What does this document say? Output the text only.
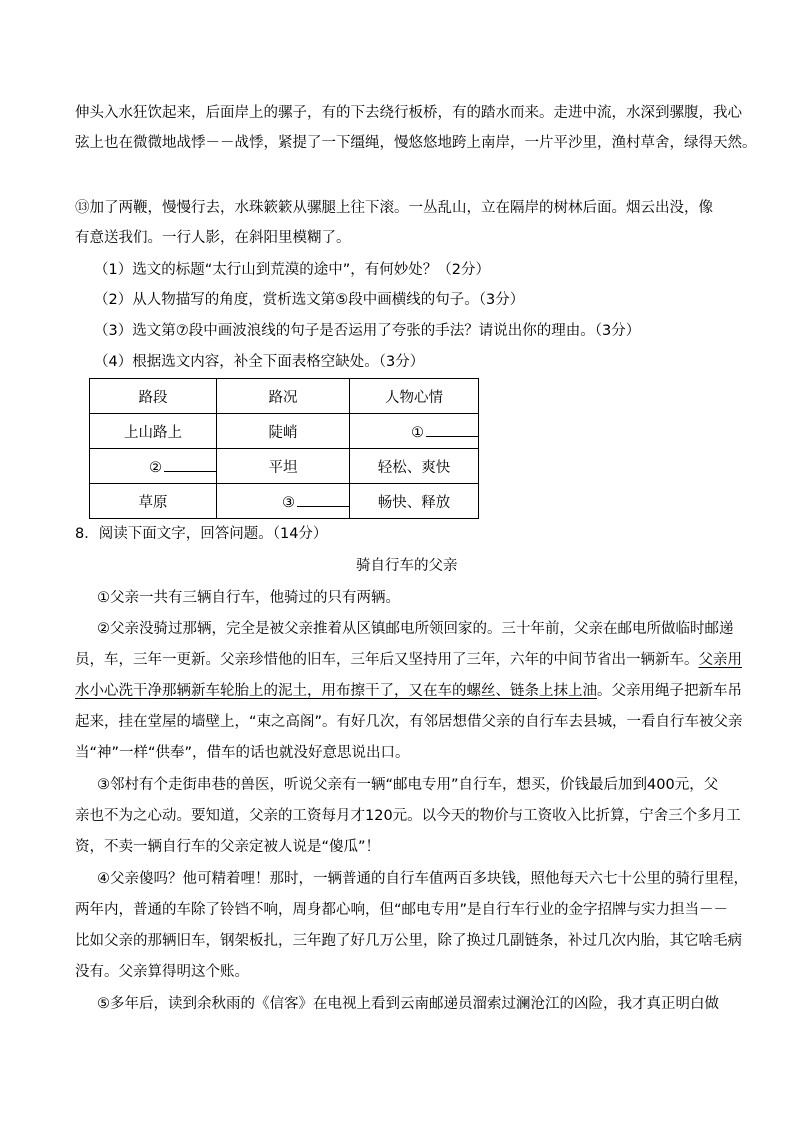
伸头入水狂饮起来，后面岸上的骡子，有的下去绕行板桥，有的踏水而来。走进中流，水深到骡腹，我心
弦上也在微微地战悸－－战悸，紧提了一下缰绳，慢悠悠地跨上南岸，一片平沙里，渔村草舍，绿得天然。
⑬加了两鞭，慢慢行去，水珠簌簌从骡腿上往下滚。一丛乱山，立在隔岸的树林后面。烟云出没，像
有意送我们。一行人影，在斜阳里模糊了。
（1）选文的标题“太行山到荒漠的途中”，有何妙处？（2分）
（2）从人物描写的角度，赏析选文第⑤段中画横线的句子。（3分）
（3）选文第⑦段中画波浪线的句子是否运用了夸张的手法？请说出你的理由。（3分）
（4）根据选文内容，补全下面表格空缺处。（3分）
路段	路况	人物心情
上山路上	陡峭	①
②	平坦	轻松、爽快
草原	③	畅快、释放
8．阅读下面文字，回答问题。（14分）
骑自行车的父亲
①父亲一共有三辆自行车，他骑过的只有两辆。
②父亲没骑过那辆，完全是被父亲推着从区镇邮电所领回家的。三十年前，父亲在邮电所做临时邮递
员，车，三年一更新。父亲珍惜他的旧车，三年后又坚持用了三年，六年的中间节省出一辆新车。父亲用
水小心洗干净那辆新车轮胎上的泥土，用布擦干了，又在车的螺丝、链条上抹上油。父亲用绳子把新车吊
起来，挂在堂屋的墙壁上，“束之高阁”。有好几次，有邻居想借父亲的自行车去县城，一看自行车被父亲
当“神”一样“供奉”，借车的话也就没好意思说出口。
③邻村有个走街串巷的兽医，听说父亲有一辆“邮电专用”自行车，想买，价钱最后加到400元，父
亲也不为之心动。要知道，父亲的工资每月才120元。以今天的物价与工资收入比折算，宁舍三个多月工
资，不卖一辆自行车的父亲定被人说是“傻瓜”！
④父亲傻吗？他可精着哩！那时，一辆普通的自行车值两百多块钱，照他每天六七十公里的骑行里程，
两年内，普通的车除了铃铛不响，周身都心响，但“邮电专用”是自行车行业的金字招牌与实力担当－－
比如父亲的那辆旧车，钢架板扎，三年跑了好几万公里，除了换过几副链条，补过几次内胎，其它啥毛病
没有。父亲算得明这个账。
⑤多年后，读到余秋雨的《信客》在电视上看到云南邮递员溜索过澜沧江的凶险，我才真正明白做
